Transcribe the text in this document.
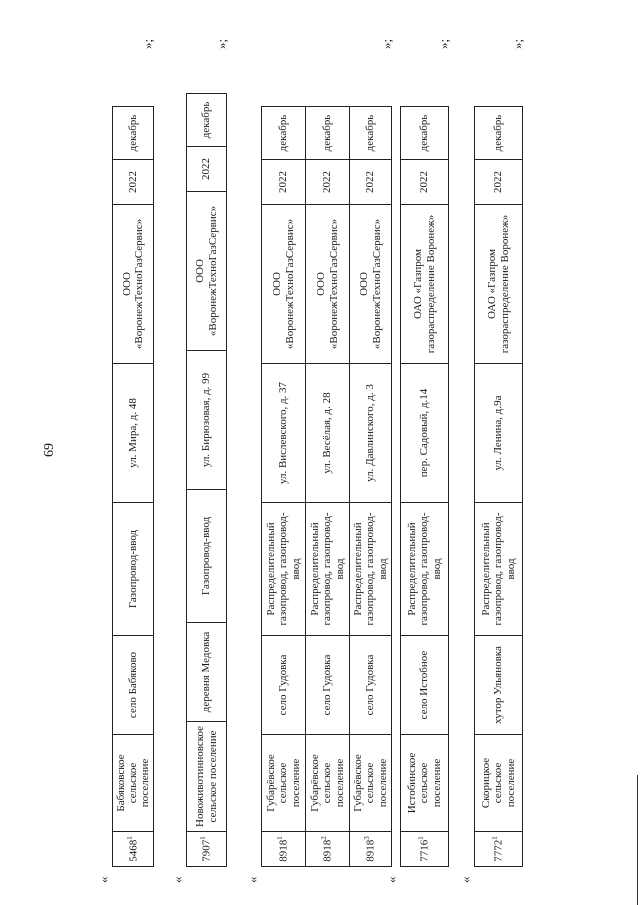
69
«
5468$^1$	Бабяковское сельское поселение	село Бабяково	Газопровод-ввод	ул. Мира, д. 48	ООО «ВоронежТехноГазСервис»	2022	декабрь
»;
«
7907$^1$	Новоживотинновское сельское поселение	деревня Медовка	Газопровод-ввод	ул. Бирюзовая, д. 99	ООО «ВоронежТехноГазСервис»	2022	декабрь
»;
«
8918$^1$	Губарёвское сельское поселение	село Гудовка	Распределительный газопровод, газопровод-ввод	ул. Вислевского, д. 37	ООО «ВоронежТехноГазСервис»	2022	декабрь
8918$^2$	Губарёвское сельское поселение	село Гудовка	Распределительный газопровод, газопровод-ввод	ул. Весёлая, д. 28	ООО «ВоронежТехноГазСервис»	2022	декабрь
8918$^3$	Губарёвское сельское поселение	село Гудовка	Распределительный газопровод, газопровод-ввод	ул. Давлинского, д. 3	ООО «ВоронежТехноГазСервис»	2022	декабрь
»;
«
7716$^1$	Истобинское сельское поселение	село Истобное	Распределительный газопровод, газопровод-ввод	пер. Садовый, д.14	ОАО «Газпром газораспределение Воронеж»	2022	декабрь
»;
«
7772$^1$	Скорицкое сельское поселение	хутор Ульяновка	Распределительный газопровод, газопровод-ввод	ул. Ленина, д.9а	ОАО «Газпром газораспределение Воронеж»	2022	декабрь
»;
